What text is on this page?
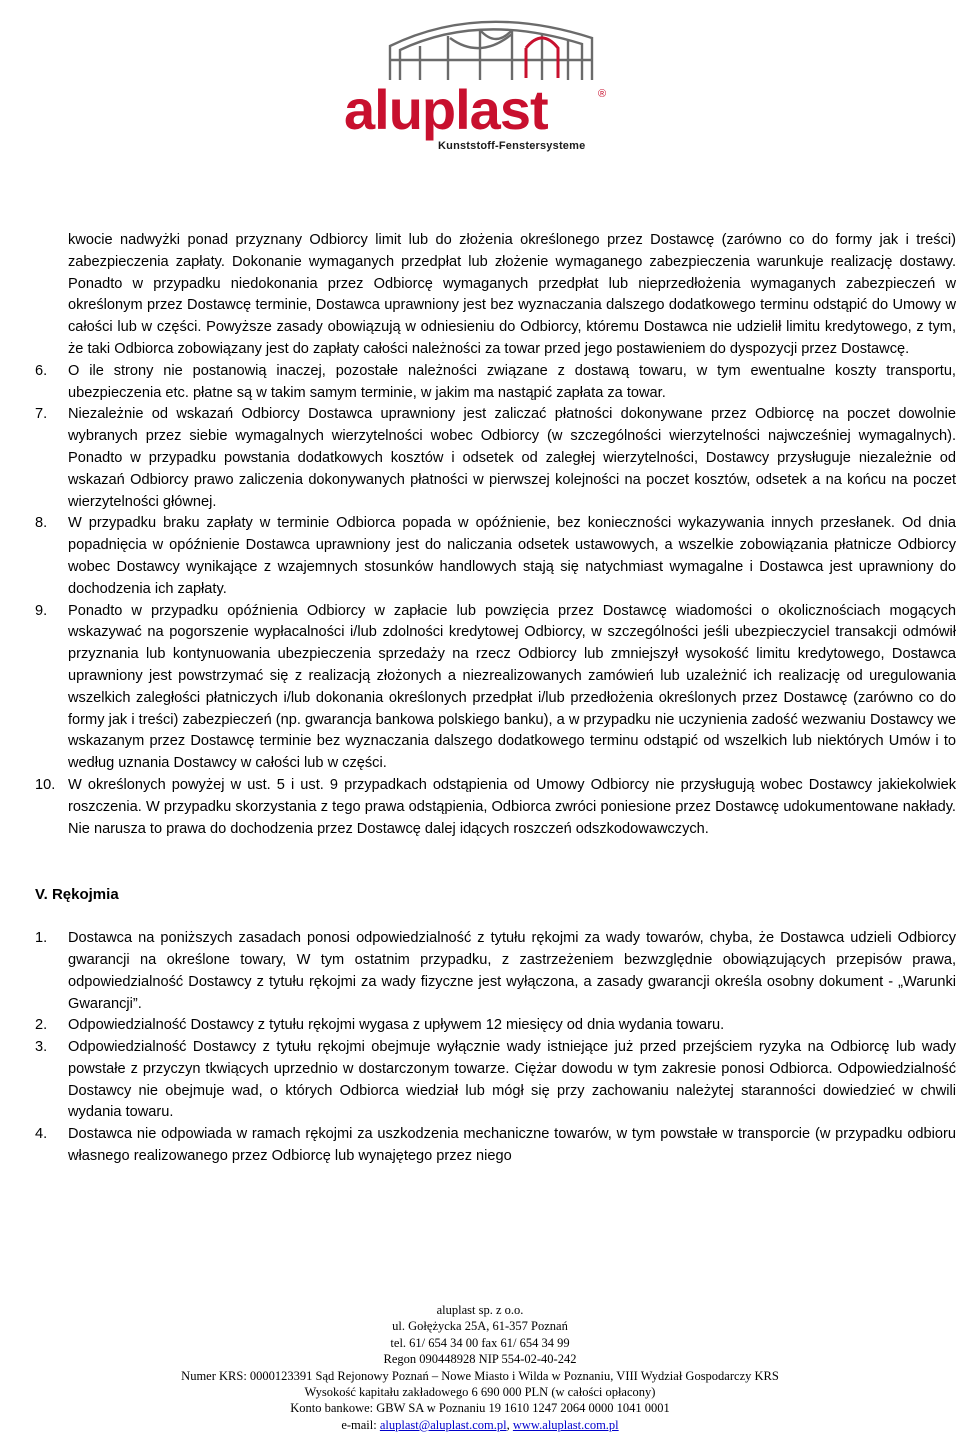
aluplast	®
Kunststoff-Fenstersysteme

kwocie nadwyżki ponad przyznany Odbiorcy limit lub do złożenia określonego przez Dostawcę (zarówno co do formy jak i treści) zabezpieczenia zapłaty. Dokonanie wymaganych przedpłat lub złożenie wymaganego zabezpieczenia warunkuje realizację dostawy. Ponadto w przypadku niedokonania przez Odbiorcę wymaganych przedpłat lub nieprzedłożenia wymaganych zabezpieczeń w określonym przez Dostawcę terminie, Dostawca uprawniony jest bez wyznaczania dalszego dodatkowego terminu odstąpić do Umowy w całości lub w części. Powyższe zasady obowiązują w odniesieniu do Odbiorcy, któremu Dostawca nie udzielił limitu kredytowego, z tym, że taki Odbiorca zobowiązany jest do zapłaty całości należności za towar przed jego postawieniem do dyspozycji przez Dostawcę.

6.	O ile strony nie postanowią inaczej, pozostałe należności związane z dostawą towaru, w tym ewentualne koszty transportu, ubezpieczenia etc. płatne są w takim samym terminie, w jakim ma nastąpić zapłata za towar.
7.	Niezależnie od wskazań Odbiorcy Dostawca uprawniony jest zaliczać płatności dokonywane przez Odbiorcę na poczet dowolnie wybranych przez siebie wymagalnych wierzytelności wobec Odbiorcy (w szczególności wierzytelności najwcześniej wymagalnych). Ponadto w przypadku powstania dodatkowych kosztów i odsetek od zaległej wierzytelności, Dostawcy przysługuje niezależnie od wskazań Odbiorcy prawo zaliczenia dokonywanych płatności w pierwszej kolejności na poczet kosztów, odsetek a na końcu na poczet wierzytelności głównej.
8.	W przypadku braku zapłaty w terminie Odbiorca popada w opóźnienie, bez konieczności wykazywania innych przesłanek. Od dnia popadnięcia w opóźnienie Dostawca uprawniony jest do naliczania odsetek ustawowych, a wszelkie zobowiązania płatnicze Odbiorcy wobec Dostawcy wynikające z wzajemnych stosunków handlowych stają się natychmiast wymagalne i Dostawca jest uprawniony do dochodzenia ich zapłaty.
9.	Ponadto w przypadku opóźnienia Odbiorcy w zapłacie lub powzięcia przez Dostawcę wiadomości o okolicznościach mogących wskazywać na pogorszenie wypłacalności i/lub zdolności kredytowej Odbiorcy, w szczególności jeśli ubezpieczyciel transakcji odmówił przyznania lub kontynuowania ubezpieczenia sprzedaży na rzecz Odbiorcy lub zmniejszył wysokość limitu kredytowego, Dostawca uprawniony jest powstrzymać się z realizacją złożonych a niezrealizowanych zamówień lub uzależnić ich realizację od uregulowania wszelkich zaległości płatniczych i/lub dokonania określonych przedpłat i/lub przedłożenia określonych przez Dostawcę (zarówno co do formy jak i treści) zabezpieczeń (np. gwarancja bankowa polskiego banku), a w przypadku nie uczynienia zadość wezwaniu Dostawcy we wskazanym przez Dostawcę terminie bez wyznaczania dalszego dodatkowego terminu odstąpić od wszelkich lub niektórych Umów i to według uznania Dostawcy w całości lub w części.
10. W określonych powyżej w ust. 5 i ust. 9 przypadkach odstąpienia od Umowy Odbiorcy nie przysługują wobec Dostawcy jakiekolwiek roszczenia. W przypadku skorzystania z tego prawa odstąpienia, Odbiorca zwróci poniesione przez Dostawcę udokumentowane nakłady. Nie narusza to prawa do dochodzenia przez Dostawcę dalej idących roszczeń odszkodowawczych.

V. Rękojmia

1.	Dostawca na poniższych zasadach ponosi odpowiedzialność z tytułu rękojmi za wady towarów, chyba, że Dostawca udzieli Odbiorcy gwarancji na określone towary, W tym ostatnim przypadku, z zastrzeżeniem bezwzględnie obowiązujących przepisów prawa, odpowiedzialność Dostawcy z tytułu rękojmi za wady fizyczne jest wyłączona, a zasady gwarancji określa osobny dokument - „Warunki Gwarancji”.
2.	Odpowiedzialność Dostawcy z tytułu rękojmi wygasa z upływem 12 miesięcy od dnia wydania towaru.
3.	Odpowiedzialność Dostawcy z tytułu rękojmi obejmuje wyłącznie wady istniejące już przed przejściem ryzyka na Odbiorcę lub wady powstałe z przyczyn tkwiących uprzednio w dostarczonym towarze. Ciężar dowodu w tym zakresie ponosi Odbiorca. Odpowiedzialność Dostawcy nie obejmuje wad, o których Odbiorca wiedział lub mógł się przy zachowaniu należytej staranności dowiedzieć w chwili wydania towaru.
4.	Dostawca nie odpowiada w ramach rękojmi za uszkodzenia mechaniczne towarów, w tym powstałe w transporcie (w przypadku odbioru własnego realizowanego przez Odbiorcę lub wynajętego przez niego
aluplast sp. z o.o.
ul. Gołężycka 25A, 61-357 Poznań
tel. 61/ 654 34 00 fax 61/ 654 34 99
Regon 090448928 NIP 554-02-40-242
Numer KRS: 0000123391 Sąd Rejonowy Poznań – Nowe Miasto i Wilda w Poznaniu, VIII Wydział Gospodarczy KRS
Wysokość kapitału zakładowego 6 690 000 PLN (w całości opłacony)
Konto bankowe: GBW SA w Poznaniu 19 1610 1247 2064 0000 1041 0001
e-mail: aluplast@aluplast.com.pl, www.aluplast.com.pl
